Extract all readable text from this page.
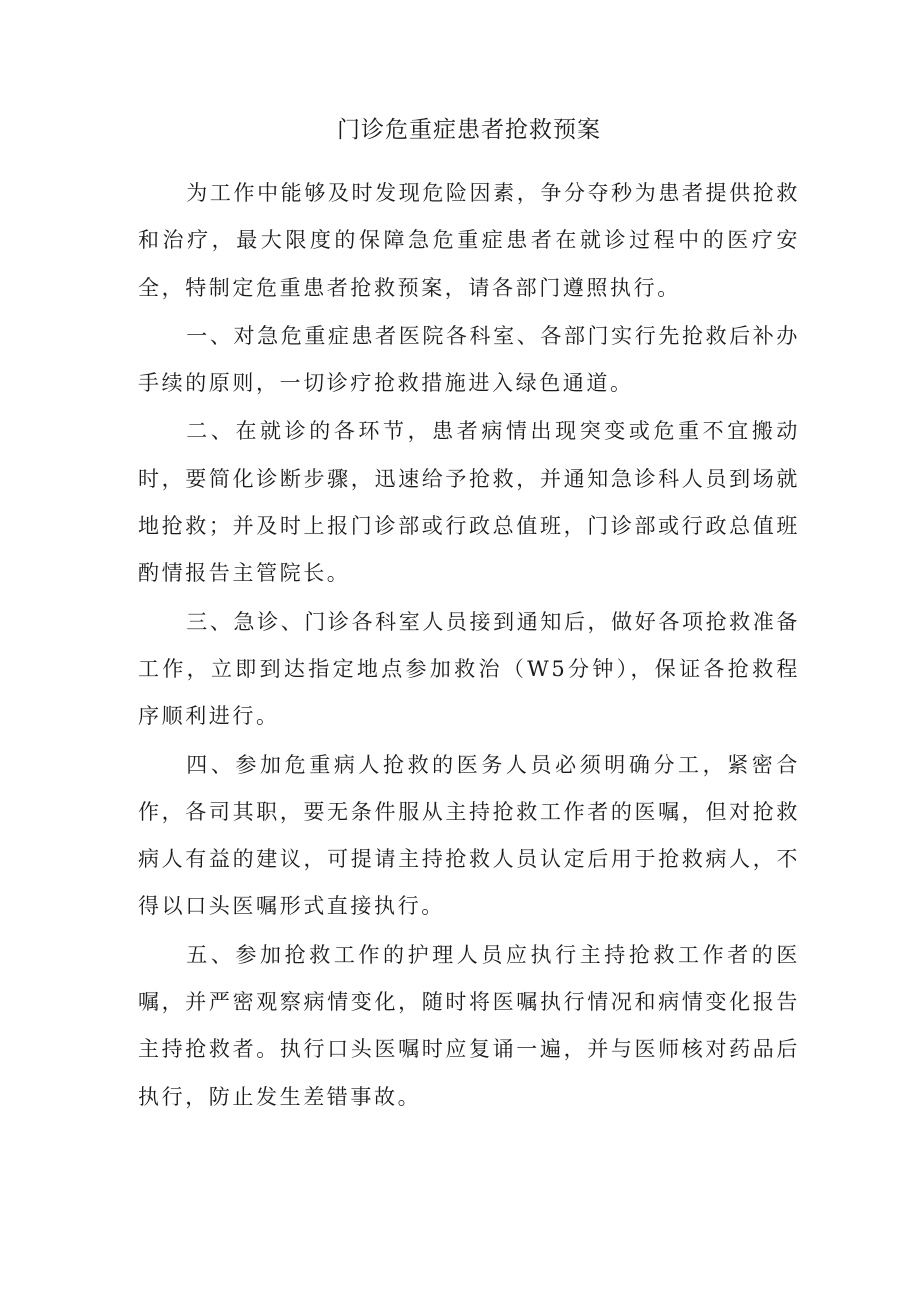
门诊危重症患者抢救预案

为工作中能够及时发现危险因素，争分夺秒为患者提供抢救和治疗，最大限度的保障急危重症患者在就诊过程中的医疗安全，特制定危重患者抢救预案，请各部门遵照执行。

一、对急危重症患者医院各科室、各部门实行先抢救后补办手续的原则，一切诊疗抢救措施进入绿色通道。

二、在就诊的各环节，患者病情出现突变或危重不宜搬动时，要简化诊断步骤，迅速给予抢救，并通知急诊科人员到场就地抢救；并及时上报门诊部或行政总值班，门诊部或行政总值班酌情报告主管院长。

三、急诊、门诊各科室人员接到通知后，做好各项抢救准备工作，立即到达指定地点参加救治（W5分钟），保证各抢救程序顺利进行。

四、参加危重病人抢救的医务人员必须明确分工，紧密合作，各司其职，要无条件服从主持抢救工作者的医嘱，但对抢救病人有益的建议，可提请主持抢救人员认定后用于抢救病人，不得以口头医嘱形式直接执行。

五、参加抢救工作的护理人员应执行主持抢救工作者的医嘱，并严密观察病情变化，随时将医嘱执行情况和病情变化报告主持抢救者。执行口头医嘱时应复诵一遍，并与医师核对药品后执行，防止发生差错事故。
